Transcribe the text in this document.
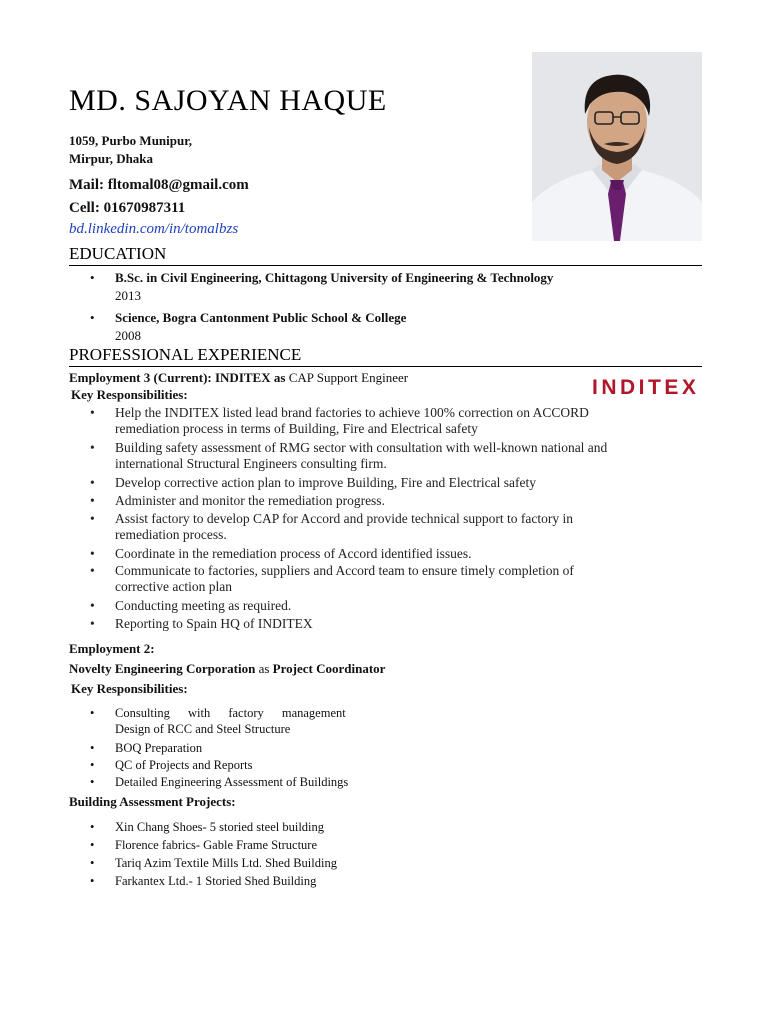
MD. SAJOYAN HAQUE
1059, Purbo Munipur,
Mirpur, Dhaka
Mail: fltomal08@gmail.com
Cell: 01670987311
bd.linkedin.com/in/tomalbzs
EDUCATION
B.Sc. in Civil Engineering, Chittagong University of Engineering & Technology
2013
Science, Bogra Cantonment Public School & College
2008
PROFESSIONAL EXPERIENCE
Employment 3 (Current): INDITEX as CAP Support Engineer	INDITEX
Key Responsibilities:
Help the INDITEX listed lead brand factories to achieve 100% correction on ACCORD
remediation process in terms of Building, Fire and Electrical safety
Building safety assessment of RMG sector with consultation with well-known national and
international Structural Engineers consulting firm.
Develop corrective action plan to improve Building, Fire and Electrical safety
Administer and monitor the remediation progress.
Assist factory to develop CAP for Accord and provide technical support to factory in
remediation process.
Coordinate in the remediation process of Accord identified issues.
Communicate to factories, suppliers and Accord team to ensure timely completion of
corrective action plan
Conducting meeting as required.
Reporting to Spain HQ of INDITEX
Employment 2:
Novelty Engineering Corporation as Project Coordinator
Key Responsibilities:
Consulting with factory management
Design of RCC and Steel Structure
BOQ Preparation
QC of Projects and Reports
Detailed Engineering Assessment of Buildings
Building Assessment Projects:
Xin Chang Shoes- 5 storied steel building
Florence fabrics- Gable Frame Structure
Tariq Azim Textile Mills Ltd. Shed Building
Farkantex Ltd.- 1 Storied Shed Building
